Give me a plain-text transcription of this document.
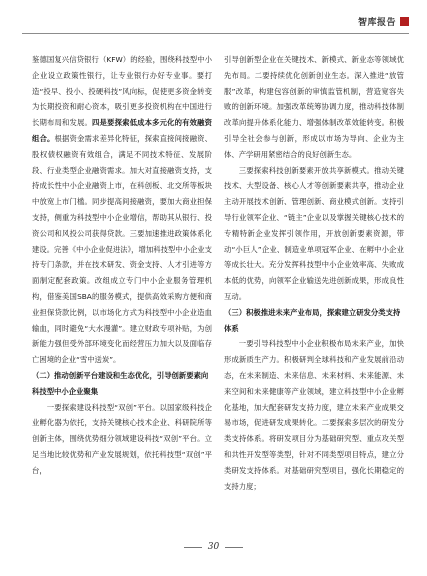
智库报告

鉴德国复兴信贷银行（KFW）的经验，围绕科技型中小企业设立政策性银行，让专业银行办好专业事。要打造“投早、投小、投硬科技”风向标，促使更多资金转变为长期投资和耐心资本，吸引更多投资机构在中国进行长期布局和发展。四是要探索低成本多元化的有效融资组合。根据资金需求差异化特征，探索直接间接融资、股权债权融资有效组合，满足不同技术特征、发展阶段、行业类型企业融资需求。加大对直接融资支持，支持成长性中小企业融资上市，在科创板、北交所等板块中放宽上市门槛。同步提高间接融资，要加大商业担保支持，侧重为科技型中小企业增信，帮助其从银行、投资公司和风投公司获得贷款。三要加速推进政策体系化建设。完善《中小企业促进法》，增加科技型中小企业支持专门条款，并在技术研发、资金支持、人才引进等方面制定配套政策。改组成立专门中小企业服务管理机构，借鉴美国SBA的服务模式，提供高效采购方便和商业担保贷款比例，以市场化方式为科技型中小企业造血输血，同时避免“大水漫灌”。建立财政专项补贴，为创新能力强但受外部环境变化而经营压力加大以及面临存亡困境的企业“雪中送炭”。

（二）推动创新平台建设和生态优化，引导创新要素向科技型中小企业聚集

一要探索建设科技型“双创”平台。以国家级科技企业孵化器为依托，支持关键核心技术企业、科研院所等创新主体，围绕优势细分领域建设科技“双创”平台。立足当地比较优势和产业发展规划，依托科技型“双创”平台，

引导创新型企业在关键技术、新模式、新业态等领域优先布局。二要持续优化创新创业生态。深入推进“放管服”改革，构建包容创新的审慎监管机制，营造宽容失败的创新环境。加强改革统筹协调力度，推动科技体制改革向提升体系化能力、增强体制改革效能转变。积极引导全社会参与创新，形成以市场为导向、企业为主体、产学研用紧密结合的良好创新生态。

三要探索科技创新要素开放共享新模式。推动关键技术、大型设备、核心人才等创新要素共享，推动企业主动开展技术创新、管理创新、商业模式创新。支持引导行业领军企业、“链主”企业以及掌握关键核心技术的专精特新企业发挥引领作用，开放创新要素资源，带动“小巨人”企业、制造业单项冠军企业、在孵中小企业等成长壮大。充分发挥科技型中小企业效率高、失败成本低的优势，向领军企业输送先进创新成果，形成良性互动。

（三）积极推进未来产业布局，探索建立研发分类支持体系

一要引导科技型中小企业积极布局未来产业，加快形成新质生产力。积极研判全球科技和产业发展前沿动态，在未来制造、未来信息、未来材料、未来能源、未来空间和未来健康等产业领域，建立科技型中小企业孵化基地，加大配套研发支持力度，建立未来产业成果交易市场，促进研发成果转化。二要探索多层次的研发分类支持体系。将研发项目分为基础研究型、重点攻关型和共性开发型等类型，针对不同类型项目特点，建立分类研发支持体系。对基础研究型项目，强化长期稳定的支持力度；

30
